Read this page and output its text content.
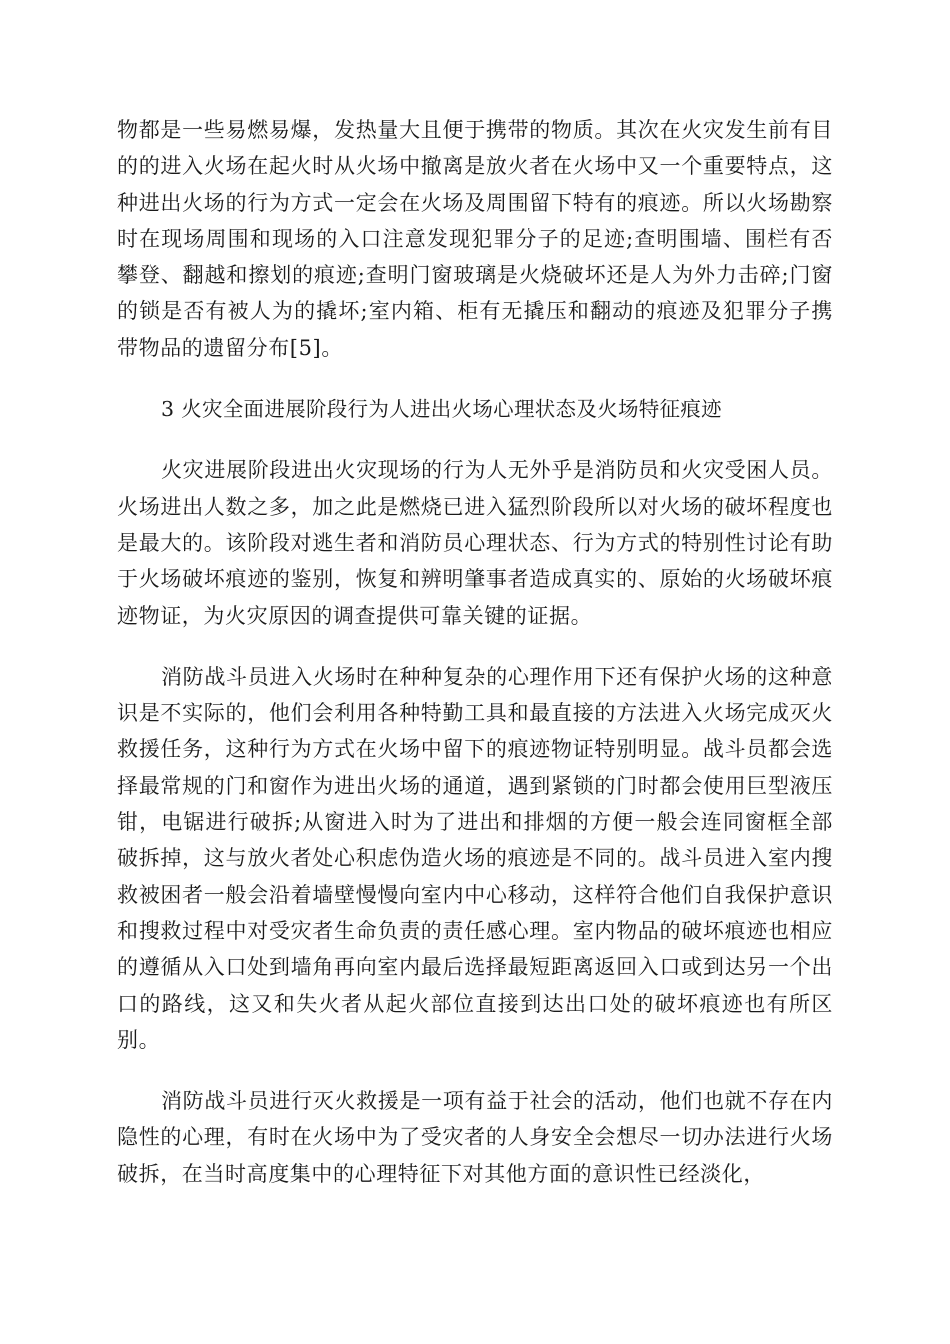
物都是一些易燃易爆，发热量大且便于携带的物质。其次在火灾发生前有目的的进入火场在起火时从火场中撤离是放火者在火场中又一个重要特点，这种进出火场的行为方式一定会在火场及周围留下特有的痕迹。所以火场勘察时在现场周围和现场的入口注意发现犯罪分子的足迹;查明围墙、围栏有否攀登、翻越和擦划的痕迹;查明门窗玻璃是火烧破坏还是人为外力击碎;门窗的锁是否有被人为的撬坏;室内箱、柜有无撬压和翻动的痕迹及犯罪分子携带物品的遗留分布[5]。

3 火灾全面进展阶段行为人进出火场心理状态及火场特征痕迹

火灾进展阶段进出火灾现场的行为人无外乎是消防员和火灾受困人员。火场进出人数之多，加之此是燃烧已进入猛烈阶段所以对火场的破坏程度也是最大的。该阶段对逃生者和消防员心理状态、行为方式的特别性讨论有助于火场破坏痕迹的鉴别，恢复和辨明肇事者造成真实的、原始的火场破坏痕迹物证，为火灾原因的调查提供可靠关键的证据。

消防战斗员进入火场时在种种复杂的心理作用下还有保护火场的这种意识是不实际的，他们会利用各种特勤工具和最直接的方法进入火场完成灭火救援任务，这种行为方式在火场中留下的痕迹物证特别明显。战斗员都会选择最常规的门和窗作为进出火场的通道，遇到紧锁的门时都会使用巨型液压钳，电锯进行破拆;从窗进入时为了进出和排烟的方便一般会连同窗框全部破拆掉，这与放火者处心积虑伪造火场的痕迹是不同的。战斗员进入室内搜救被困者一般会沿着墙壁慢慢向室内中心移动，这样符合他们自我保护意识和搜救过程中对受灾者生命负责的责任感心理。室内物品的破坏痕迹也相应的遵循从入口处到墙角再向室内最后选择最短距离返回入口或到达另一个出口的路线，这又和失火者从起火部位直接到达出口处的破坏痕迹也有所区别。

消防战斗员进行灭火救援是一项有益于社会的活动，他们也就不存在内隐性的心理，有时在火场中为了受灾者的人身安全会想尽一切办法进行火场破拆，在当时高度集中的心理特征下对其他方面的意识性已经淡化，
